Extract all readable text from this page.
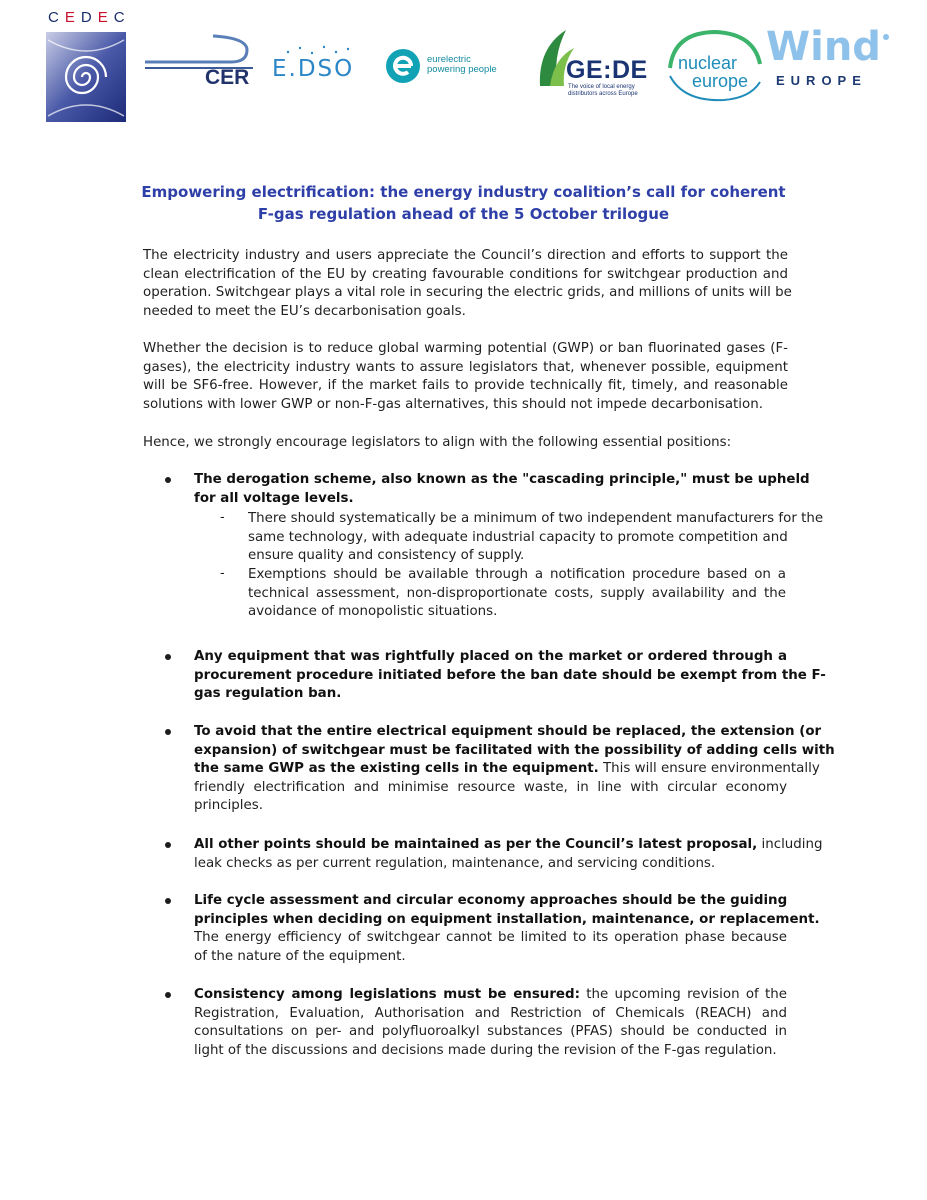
CEDEC
CER E.DSO	eurelectric
powering people	GE:DE
The voice of local energy distributors across Europe
nuclear
europe
Wind
EUROPE
Empowering electrification: the energy industry coalition’s call for coherent
F-gas regulation ahead of the 5 October trilogue
The electricity industry and users appreciate the Council’s direction and efforts to support the
clean electrification of the EU by creating favourable conditions for switchgear production and
operation. Switchgear plays a vital role in securing the electric grids, and millions of units will be
needed to meet the EU’s decarbonisation goals.
Whether the decision is to reduce global warming potential (GWP) or ban fluorinated gases (F-
gases), the electricity industry wants to assure legislators that, whenever possible, equipment
will be SF6-free. However, if the market fails to provide technically fit, timely, and reasonable
solutions with lower GWP or non-F-gas alternatives, this should not impede decarbonisation.
Hence, we strongly encourage legislators to align with the following essential positions:
The derogation scheme, also known as the "cascading principle," must be upheld
for all voltage levels.
- There should systematically be a minimum of two independent manufacturers for the
same technology, with adequate industrial capacity to promote competition and
ensure quality and consistency of supply.
- Exemptions should be available through a notification procedure based on a
technical assessment, non-disproportionate costs, supply availability and the
avoidance of monopolistic situations.
Any equipment that was rightfully placed on the market or ordered through a
procurement procedure initiated before the ban date should be exempt from the F-
gas regulation ban.
To avoid that the entire electrical equipment should be replaced, the extension (or
expansion) of switchgear must be facilitated with the possibility of adding cells with
the same GWP as the existing cells in the equipment. This will ensure environmentally
friendly electrification and minimise resource waste, in line with circular economy
principles.
All other points should be maintained as per the Council’s latest proposal, including
leak checks as per current regulation, maintenance, and servicing conditions.
Life cycle assessment and circular economy approaches should be the guiding
principles when deciding on equipment installation, maintenance, or replacement.
The energy efficiency of switchgear cannot be limited to its operation phase because
of the nature of the equipment.
Consistency among legislations must be ensured: the upcoming revision of the
Registration, Evaluation, Authorisation and Restriction of Chemicals (REACH) and
consultations on per- and polyfluoroalkyl substances (PFAS) should be conducted in
light of the discussions and decisions made during the revision of the F-gas regulation.
